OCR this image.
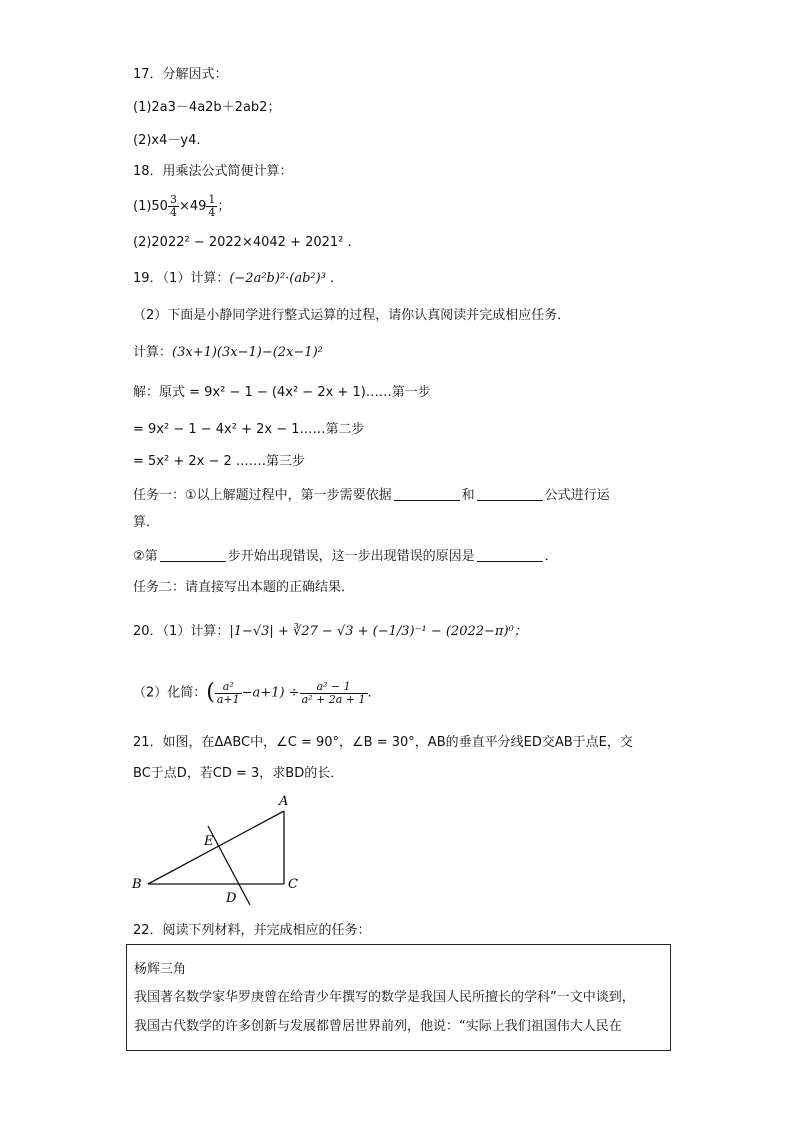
17．分解因式：
(1)2a3－4a2b＋2ab2；
(2)x4－y4.
18．用乘法公式简便计算：
$(1)50 \frac{3}{4} \times 49 \frac{1}{4}$ ；
(2)2022² − 2022×4042 + 2021² .
19．（1）计算：(−2a²b)²·(ab²)³ .
（2）下面是小静同学进行整式运算的过程，请你认真阅读并完成相应任务．
计算：(3x+1)(3x−1)−(2x−1)²
解：原式 = 9x² − 1 − (4x² − 2x + 1)……第一步
= 9x² − 1 − 4x² + 2x − 1……第二步
= 5x² + 2x − 2 .……第三步
任务一：①以上解题过程中，第一步需要依据	和	公式进行运
算．
②第	步开始出现错误，这一步出现错误的原因是	．
任务二：请直接写出本题的正确结果．
20．（1）计算：|1−√3| + ∛27 − √3 + (−1/3)⁻¹ − (2022−π)⁰；
（2）化简：( $\frac{\text{a²}}{a+1} -a+1) \div \frac{\text{a² − 1}}{\text{a² + 2a + 1}}$ .
21．如图，在ΔABC中，∠C = 90°，∠B = 30°，AB的垂直平分线ED交AB于点E，交
BC于点D，若CD = 3，求BD的长．
A
B	C
D
E
22．阅读下列材料，并完成相应的任务：
杨辉三角
我国著名数学家华罗庚曾在给青少年撰写的数学是我国人民所擅长的学科”一文中谈到，
我国古代数学的许多创新与发展都曾居世界前列，他说：“实际上我们祖国伟大人民在
